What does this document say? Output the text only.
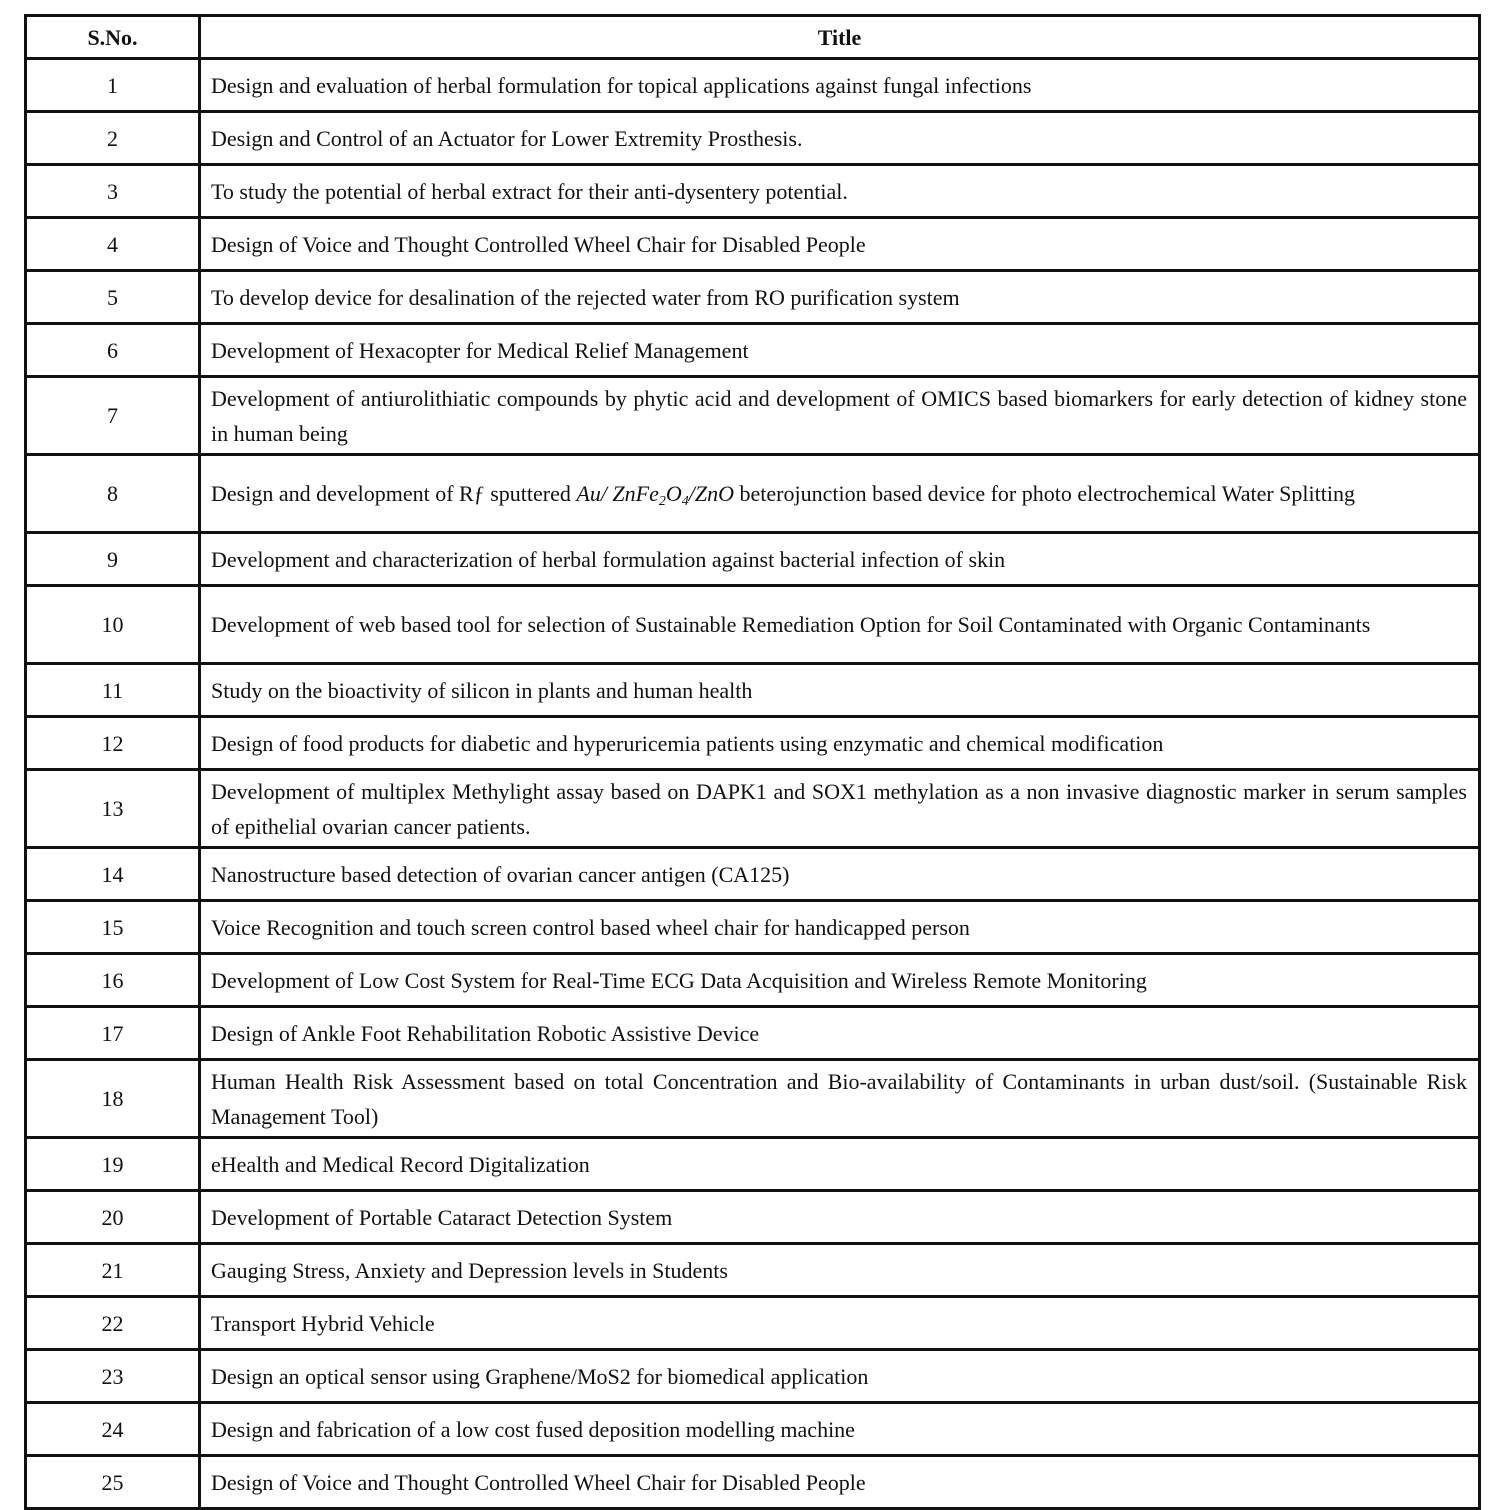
S.No.	Title
1	Design and evaluation of herbal formulation for topical applications against fungal infections
2	Design and Control of an Actuator for Lower Extremity Prosthesis.
3	To study the potential of herbal extract for their anti-dysentery potential.
4	Design of Voice and Thought Controlled Wheel Chair for Disabled People
5	To develop device for desalination of the rejected water from RO purification system
6	Development of Hexacopter for Medical Relief Management
7	Development of antiurolithiatic compounds by phytic acid and development of OMICS based biomarkers for early detection of kidney stone in human being
8	Design and development of Rƒ sputtered Au/ $ZnFe_2O_4$/ZnO beterojunction based device for photo electrochemical Water Splitting
9	Development and characterization of herbal formulation against bacterial infection of skin
10	Development of web based tool for selection of Sustainable Remediation Option for Soil Contaminated with Organic Contaminants
11	Study on the bioactivity of silicon in plants and human health
12	Design of food products for diabetic and hyperuricemia patients using enzymatic and chemical modification
13	Development of multiplex Methylight assay based on DAPK1 and SOX1 methylation as a non invasive diagnostic marker in serum samples of epithelial ovarian cancer patients.
14	Nanostructure based detection of ovarian cancer antigen (CA125)
15	Voice Recognition and touch screen control based wheel chair for handicapped person
16	Development of Low Cost System for Real-Time ECG Data Acquisition and Wireless Remote Monitoring
17	Design of Ankle Foot Rehabilitation Robotic Assistive Device
18	Human Health Risk Assessment based on total Concentration and Bio-availability of Contaminants in urban dust/soil. (Sustainable Risk Management Tool)
19	eHealth and Medical Record Digitalization
20	Development of Portable Cataract Detection System
21	Gauging Stress, Anxiety and Depression levels in Students
22	Transport Hybrid Vehicle
23	Design an optical sensor using Graphene/MoS2 for biomedical application
24	Design and fabrication of a low cost fused deposition modelling machine
25	Design of Voice and Thought Controlled Wheel Chair for Disabled People
